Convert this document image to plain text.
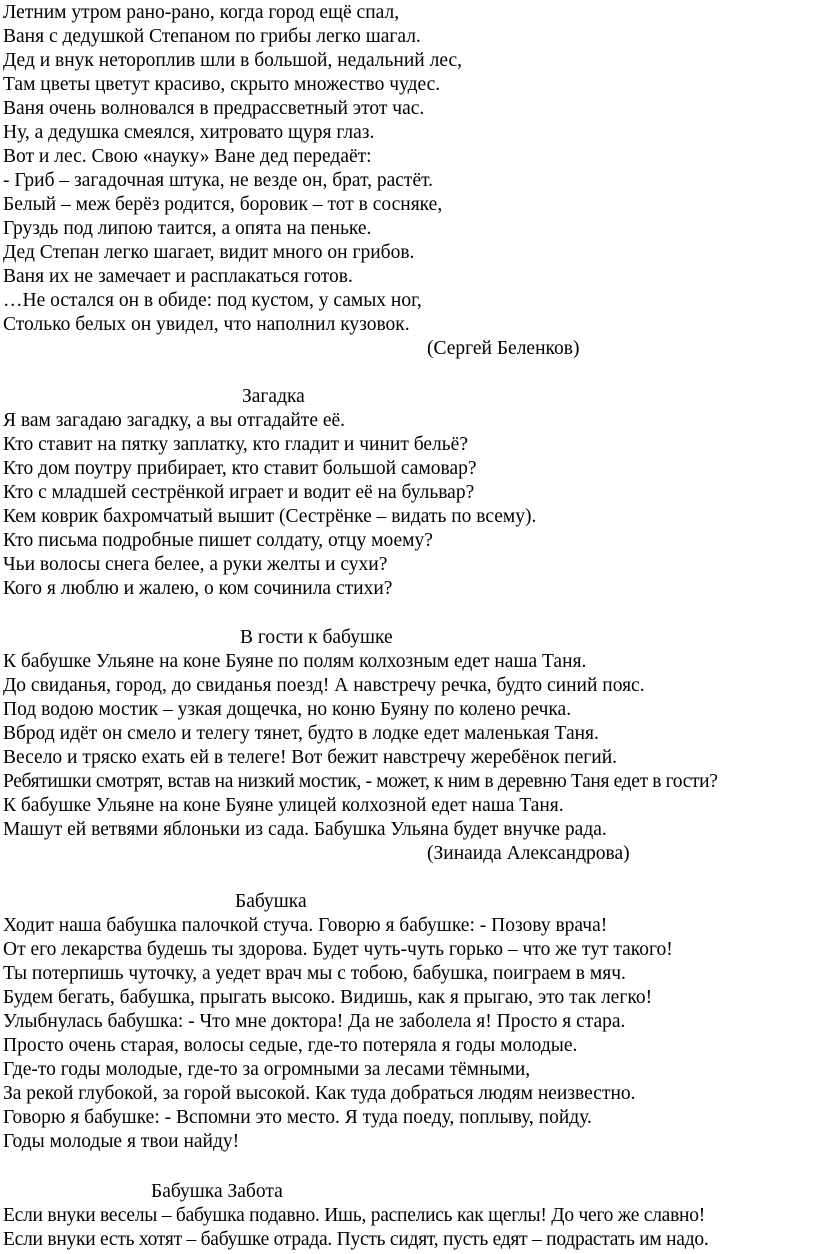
Летним утром рано-рано, когда город ещё спал,
Ваня с дедушкой Степаном по грибы легко шагал.
Дед и внук нетороплив шли в большой, недальний лес,
Там цветы цветут красиво, скрыто множество чудес.
Ваня очень волновался в предрассветный этот час.
Ну, а дедушка смеялся, хитровато щуря глаз.
Вот и лес. Свою «науку» Ване дед передаёт:
- Гриб – загадочная штука, не везде он, брат, растёт.
Белый – меж берёз родится, боровик – тот в сосняке,
Груздь под липою таится, а опята на пеньке.
Дед Степан легко шагает, видит много он грибов.
Ваня их не замечает и расплакаться готов.
…Не остался он в обиде: под кустом, у самых ног,
Столько белых он увидел, что наполнил кузовок.
(Сергей Беленков)
Загадка
Я вам загадаю загадку, а вы отгадайте её.
Кто ставит на пятку заплатку, кто гладит и чинит бельё?
Кто дом поутру прибирает, кто ставит большой самовар?
Кто с младшей сестрёнкой играет и водит её на бульвар?
Кем коврик бахромчатый вышит (Сестрёнке – видать по всему).
Кто письма подробные пишет солдату, отцу моему?
Чьи волосы снега белее, а руки желты и сухи?
Кого я люблю и жалею, о ком сочинила стихи?
В гости к бабушке
К бабушке Ульяне на коне Буяне по полям колхозным едет наша Таня.
До свиданья, город, до свиданья поезд! А навстречу речка, будто синий пояс.
Под водою мостик – узкая дощечка, но коню Буяну по колено речка.
Вброд идёт он смело и телегу тянет, будто в лодке едет маленькая Таня.
Весело и тряско ехать ей в телеге! Вот бежит навстречу жеребёнок пегий.
Ребятишки смотрят, встав на низкий мостик, - может, к ним в деревню Таня едет в гости?
К бабушке Ульяне на коне Буяне улицей колхозной едет наша Таня.
Машут ей ветвями яблоньки из сада. Бабушка Ульяна будет внучке рада.
(Зинаида Александрова)
Бабушка
Ходит наша бабушка палочкой стуча. Говорю я бабушке: - Позову врача!
От его лекарства будешь ты здорова. Будет чуть-чуть горько – что же тут такого!
Ты потерпишь чуточку, а уедет врач мы с тобою, бабушка, поиграем в мяч.
Будем бегать, бабушка, прыгать высоко. Видишь, как я прыгаю, это так легко!
Улыбнулась бабушка: - Что мне доктора! Да не заболела я! Просто я стара.
Просто очень старая, волосы седые, где-то потеряла я годы молодые.
Где-то годы молодые, где-то за огромными за лесами тёмными,
За рекой глубокой, за горой высокой. Как туда добраться людям неизвестно.
Говорю я бабушке: - Вспомни это место. Я туда поеду, поплыву, пойду.
Годы молодые я твои найду!
Бабушка Забота
Если внуки веселы – бабушка подавно. Ишь, распелись как щеглы! До чего же славно!
Если внуки есть хотят – бабушке отрада. Пусть сидят, пусть едят – подрастать им надо.
